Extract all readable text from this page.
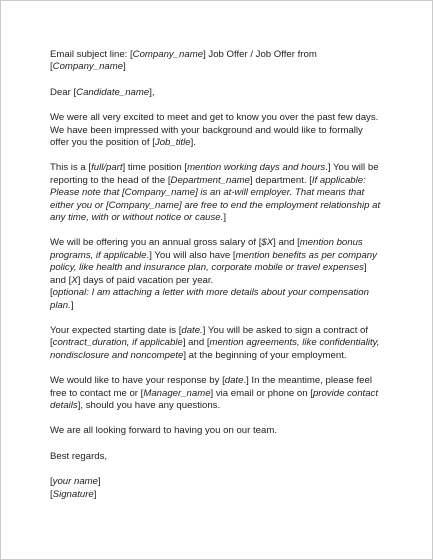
Email subject line: [Company_name] Job Offer / Job Offer from
[Company_name]
Dear [Candidate_name],
We were all very excited to meet and get to know you over the past few days.
We have been impressed with your background and would like to formally
offer you the position of [Job_title].
This is a [full/part] time position [mention working days and hours.] You will be
reporting to the head of the [Department_name] department. [If applicable:
Please note that [Company_name] is an at-will employer. That means that
either you or [Company_name] are free to end the employment relationship at
any time, with or without notice or cause.]
We will be offering you an annual gross salary of [$X] and [mention bonus
programs, if applicable.] You will also have [mention benefits as per company
policy, like health and insurance plan, corporate mobile or travel expenses]
and [X] days of paid vacation per year.
[optional: I am attaching a letter with more details about your compensation
plan.]
Your expected starting date is [date.] You will be asked to sign a contract of
[contract_duration, if applicable] and [mention agreements, like confidentiality,
nondisclosure and noncompete] at the beginning of your employment.
We would like to have your response by [date.] In the meantime, please feel
free to contact me or [Manager_name] via email or phone on [provide contact
details], should you have any questions.
We are all looking forward to having you on our team.
Best regards,
[your name]
[Signature]
